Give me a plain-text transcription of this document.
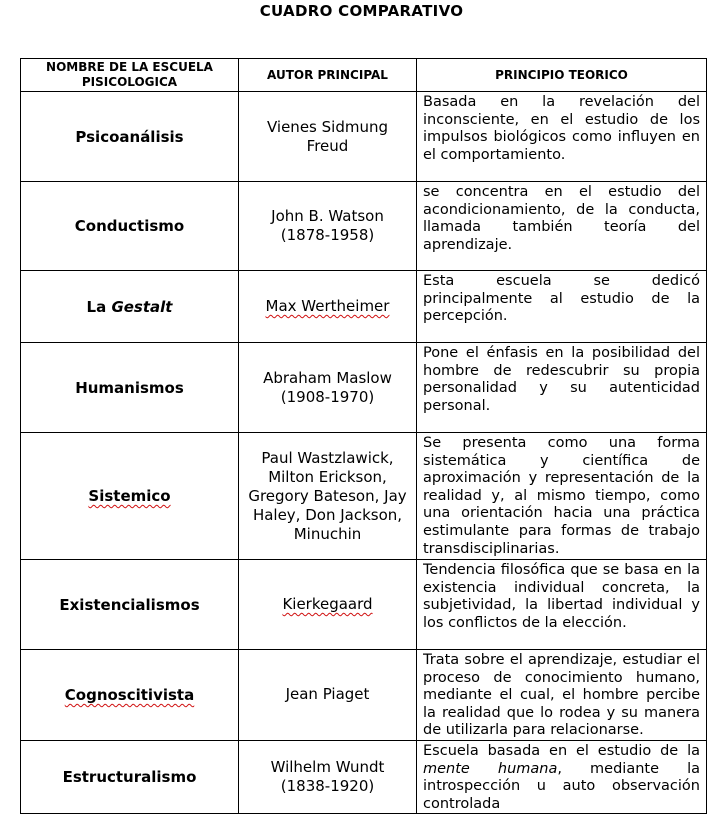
CUADRO COMPARATIVO
NOMBRE DE LA ESCUELA PISICOLOGICA	AUTOR PRINCIPAL	PRINCIPIO TEORICO
Psicoanálisis	Vienes Sidmung Freud	Basada en la revelación del inconsciente, en el estudio de los impulsos biológicos como influyen en el comportamiento.

Conductismo	John B. Watson (1878-1958)	se concentra en el estudio del acondicionamiento, de la conducta, llamada también teoría del aprendizaje.

La Gestalt	Max Wertheimer	Esta escuela se dedicó principalmente al estudio de la percepción.

Humanismos	Abraham Maslow (1908-1970)	Pone el énfasis en la posibilidad del hombre de redescubrir su propia personalidad y su autenticidad personal.

Sistemico	Paul Wastzlawick, Milton Erickson, Gregory Bateson, Jay Haley, Don Jackson, Minuchin	Se presenta como una forma sistemática y científica de aproximación y representación de la realidad y, al mismo tiempo, como una orientación hacia una práctica estimulante para formas de trabajo transdisciplinarias.

Existencialismos	Kierkegaard	Tendencia filosófica que se basa en la existencia individual concreta, la subjetividad, la libertad individual y los conflictos de la elección.

Cognoscitivista	Jean Piaget	Trata sobre el aprendizaje, estudiar el proceso de conocimiento humano, mediante el cual, el hombre percibe la realidad que lo rodea y su manera de utilizarla para relacionarse.

Estructuralismo	Wilhelm Wundt (1838-1920)	Escuela basada en el estudio de la mente humana, mediante la introspección u auto observación controlada
